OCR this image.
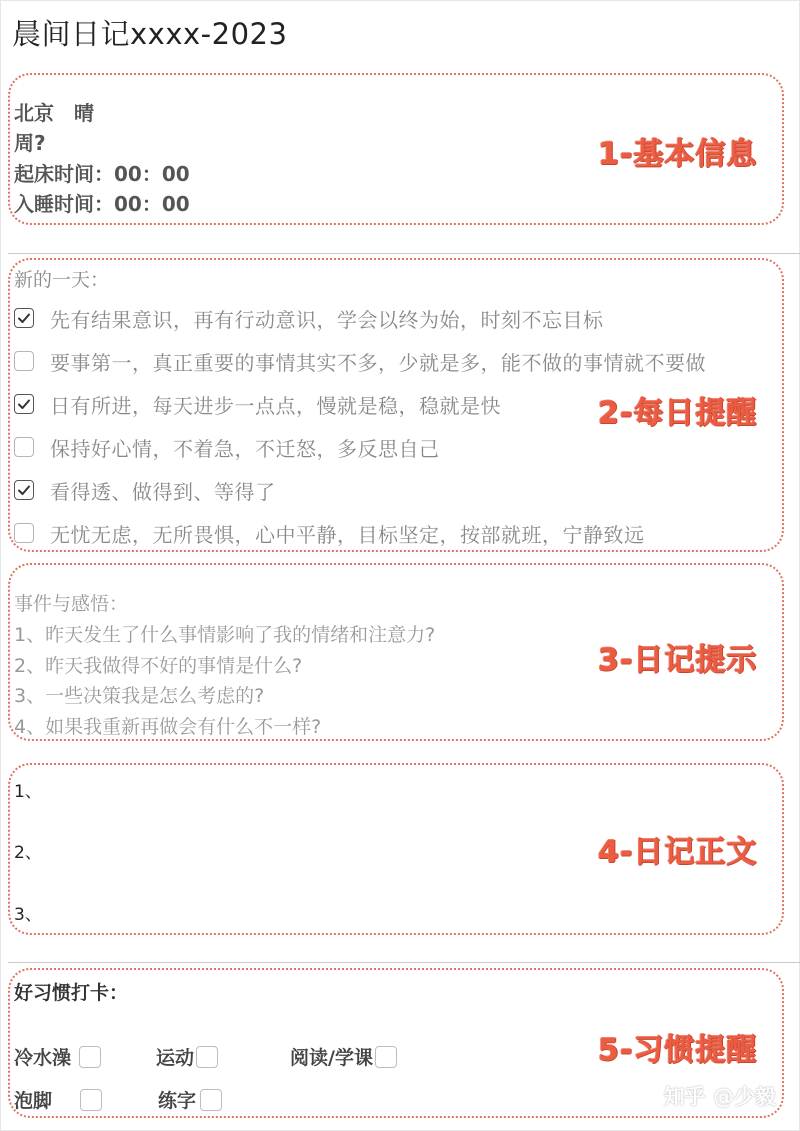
晨间日记xxxx-2023
北京　晴
周?
起床时间：00：00
入睡时间：00：00
1-基本信息
新的一天：
先有结果意识，再有行动意识，学会以终为始，时刻不忘目标
要事第一，真正重要的事情其实不多，少就是多，能不做的事情就不要做
日有所进，每天进步一点点，慢就是稳，稳就是快
保持好心情，不着急，不迁怒，多反思自己
看得透、做得到、等得了
无忧无虑，无所畏惧，心中平静，目标坚定，按部就班，宁静致远
2-每日提醒
事件与感悟：
1、昨天发生了什么事情影响了我的情绪和注意力?
2、昨天我做得不好的事情是什么?
3、一些决策我是怎么考虑的?
4、如果我重新再做会有什么不一样?
3-日记提示
1、
2、
3、
4-日记正文
好习惯打卡：
冷水澡	运动	阅读/学课
泡脚	练字
5-习惯提醒
知乎 @少毅
